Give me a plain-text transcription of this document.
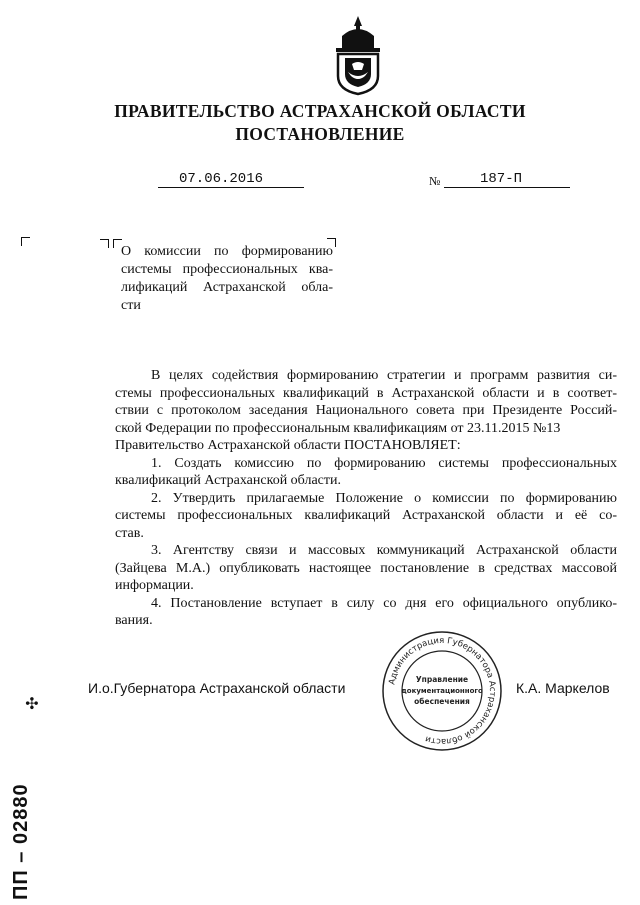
ПРАВИТЕЛЬСТВО АСТРАХАНСКОЙ ОБЛАСТИ
ПОСТАНОВЛЕНИЕ
07.06.2016	№	187-П
О комиссии по формированию
системы профессиональных ква-
лификаций Астраханской обла-
сти
В целях содействия формированию стратегии и программ развития си-
стемы профессиональных квалификаций в Астраханской области и в соответ-
ствии с протоколом заседания Национального совета при Президенте Россий-
ской Федерации по профессиональным квалификациям от 23.11.2015 №13
Правительство Астраханской области ПОСТАНОВЛЯЕТ:
1. Создать комиссию по формированию системы профессиональных
квалификаций Астраханской области.
2. Утвердить прилагаемые Положение о комиссии по формированию
системы профессиональных квалификаций Астраханской области и её со-
став.
3. Агентству связи и массовых коммуникаций Астраханской области
(Зайцева М.А.) опубликовать настоящее постановление в средствах массовой
информации.
4. Постановление вступает в силу со дня его официального опублико-
вания.
И.о.Губернатора Астраханской области	К.А. Маркелов
Администрация Губернатора Астраханской области
Управление
документационного
обеспечения
✣
ПП – 02880
